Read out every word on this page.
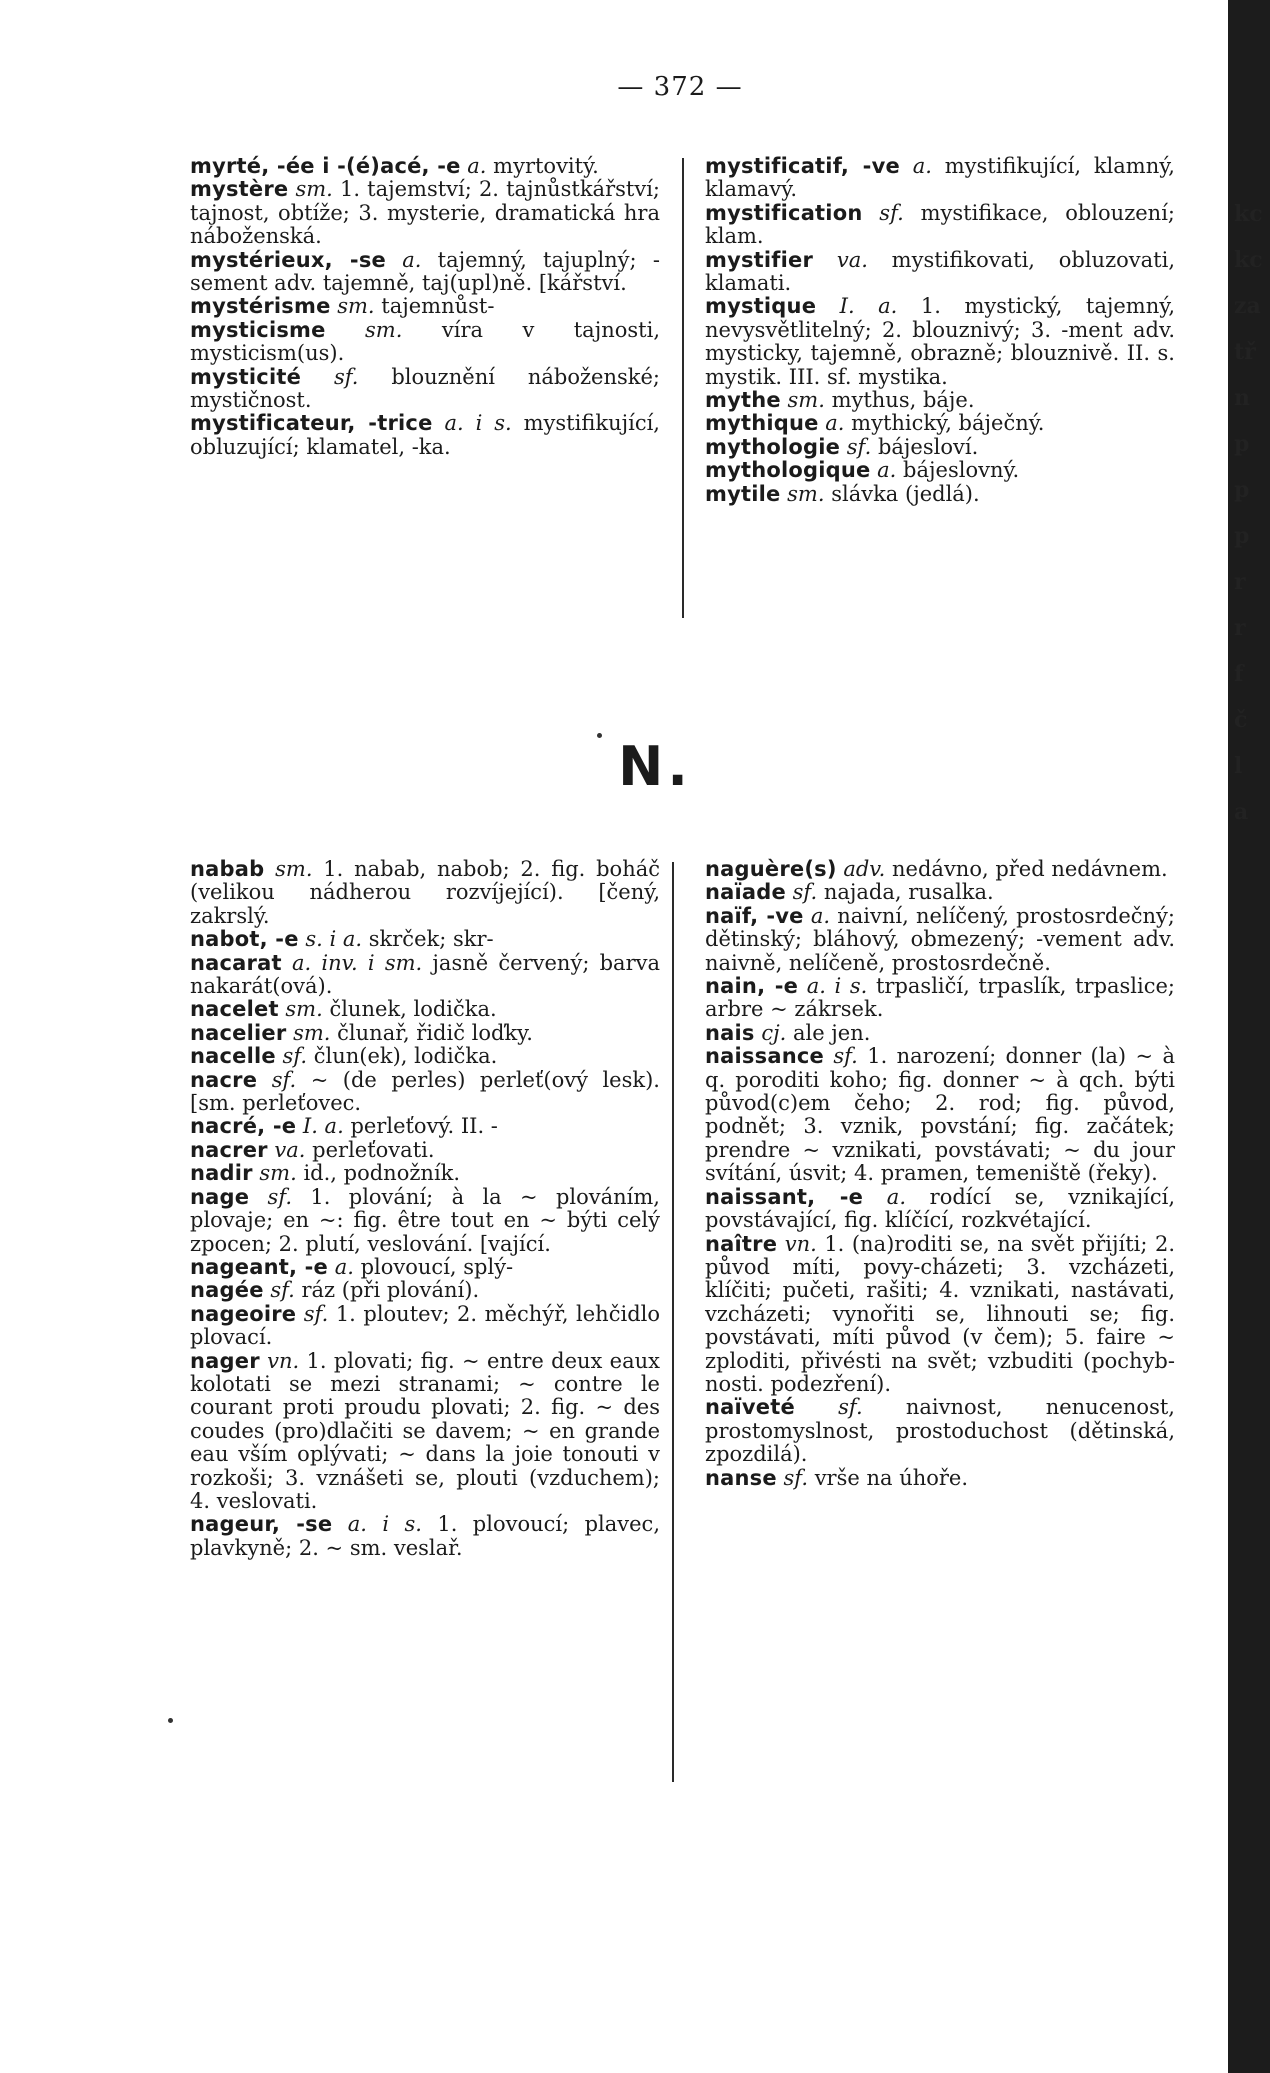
— 372 —
myrté, -ée i -(é)acé, -e a. myrtovitý.
mystère sm. 1. tajemství; 2. tajnůstkářství; tajnost, obtíže; 3. mysterie, dramatická hra náboženská.
mystérieux, -se a. tajemný, tajuplný; -sement adv. tajemně, taj(upl)ně. [kářství.
mystérisme sm. tajemnůst-
mysticisme sm. víra v tajnosti, mysticism(us).
mysticité sf. blouznění náboženské; mystičnost.
mystificateur, -trice a. i s. mystifikující, obluzující; klamatel, -ka.
mystificatif, -ve a. mystifikující, klamný, klamavý.
mystification sf. mystifikace, oblouzení; klam.
mystifier va. mystifikovati, obluzovati, klamati.
mystique I. a. 1. mystický, tajemný, nevysvětlitelný; 2. blouznivý; 3. -ment adv. mysticky, tajemně, obrazně; blouznivě. II. s. mystik. III. sf. mystika.
mythe sm. mythus, báje.
mythique a. mythický, báječný.
mythologie sf. bájesloví.
mythologique a. bájeslovný.
mytile sm. slávka (jedlá).
N.
nabab sm. 1. nabab, nabob; 2. fig. boháč (velikou nádherou rozvíjející). [čený, zakrslý.
nabot, -e s. i a. skrček; skr-
nacarat a. inv. i sm. jasně červený; barva nakarát(ová).
nacelet sm. člunek, lodička.
nacelier sm. člunař, řidič loďky.
nacelle sf. člun(ek), lodička.
nacre sf. ~ (de perles) perleť(ový lesk). [sm. perleťovec.
nacré, -e I. a. perleťový. II. -
nacrer va. perleťovati.
nadir sm. id., podnožník.
nage sf. 1. plování; à la ~ plováním, plovaje; en ~: fig. être tout en ~ býti celý zpocen; 2. plutí, veslování. [vající.
nageant, -e a. plovoucí, splý-
nagée sf. ráz (při plování).
nageoire sf. 1. ploutev; 2. měchýř, lehčidlo plovací.
nager vn. 1. plovati; fig. ~ entre deux eaux kolotati se mezi stranami; ~ contre le courant proti proudu plovati; 2. fig. ~ des coudes (pro)dlačiti se davem; ~ en grande eau vším oplývati; ~ dans la joie tonouti v rozkoši; 3. vznášeti se, plouti (vzduchem); 4. veslovati.
nageur, -se a. i s. 1. plovoucí; plavec, plavkyně; 2. ~ sm. veslař.
naguère(s) adv. nedávno, před nedávnem.
naïade sf. najada, rusalka.
naïf, -ve a. naivní, nelíčený, prostosrdečný; dětinský; bláhový, obmezený; -vement adv. naivně, nelíčeně, prostosrdečně.
nain, -e a. i s. trpasličí, trpaslík, trpaslice; arbre ~ zákrsek.
nais cj. ale jen.
naissance sf. 1. narození; donner (la) ~ à q. poroditi koho; fig. donner ~ à qch. býti původ(c)em čeho; 2. rod; fig. původ, podnět; 3. vznik, povstání; fig. začátek; prendre ~ vznikati, povstávati; ~ du jour svítání, úsvit; 4. pramen, temeniště (řeky).
naissant, -e a. rodící se, vznikající, povstávající, fig. klíčící, rozkvétající.
naître vn. 1. (na)roditi se, na svět přijíti; 2. původ míti, povy-cházeti; 3. vzcházeti, klíčiti; pučeti, rašiti; 4. vznikati, nastávati, vzcházeti; vynořiti se, lihnouti se; fig. povstávati, míti původ (v čem); 5. faire ~ zploditi, přivésti na svět; vzbuditi (pochybnosti. podezření).
naïveté sf. naivnost, nenucenost, prostomyslnost, prostoduchost (dětinská, zpozdilá).
nanse sf. vrše na úhoře.
kc
kc
za
tř
n
p
p
p
r
r
f
č
l
a
